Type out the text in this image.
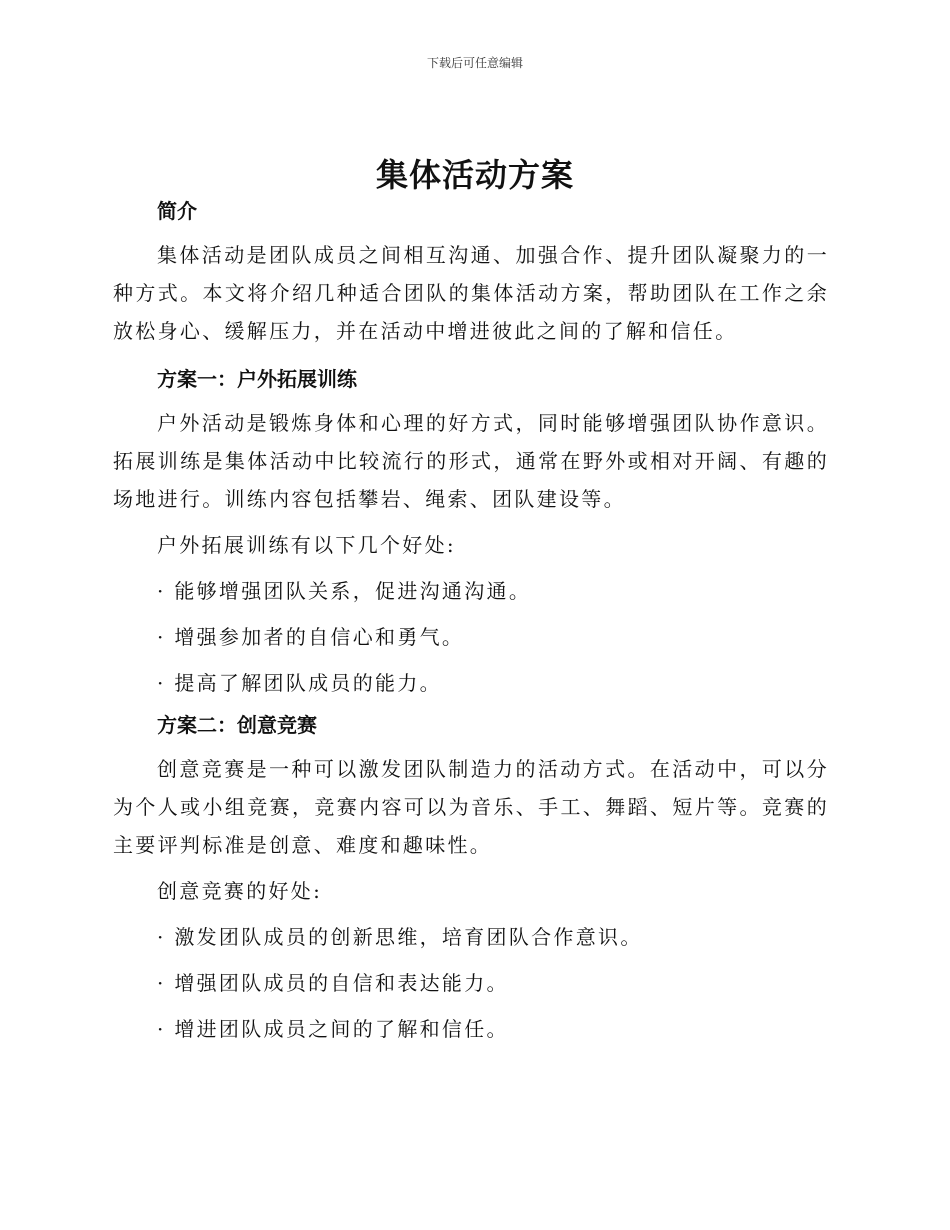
下载后可任意编辑
集体活动方案
简介

集体活动是团队成员之间相互沟通、加强合作、提升团队凝聚力的一种方式。本文将介绍几种适合团队的集体活动方案，帮助团队在工作之余放松身心、缓解压力，并在活动中增进彼此之间的了解和信任。

方案一：户外拓展训练

户外活动是锻炼身体和心理的好方式，同时能够增强团队协作意识。拓展训练是集体活动中比较流行的形式，通常在野外或相对开阔、有趣的场地进行。训练内容包括攀岩、绳索、团队建设等。

户外拓展训练有以下几个好处:

· 能够增强团队关系，促进沟通沟通。

· 增强参加者的自信心和勇气。

· 提高了解团队成员的能力。

方案二：创意竞赛

创意竞赛是一种可以激发团队制造力的活动方式。在活动中，可以分为个人或小组竞赛，竞赛内容可以为音乐、手工、舞蹈、短片等。竞赛的主要评判标准是创意、难度和趣味性。

创意竞赛的好处:

· 激发团队成员的创新思维，培育团队合作意识。

· 增强团队成员的自信和表达能力。

· 增进团队成员之间的了解和信任。
